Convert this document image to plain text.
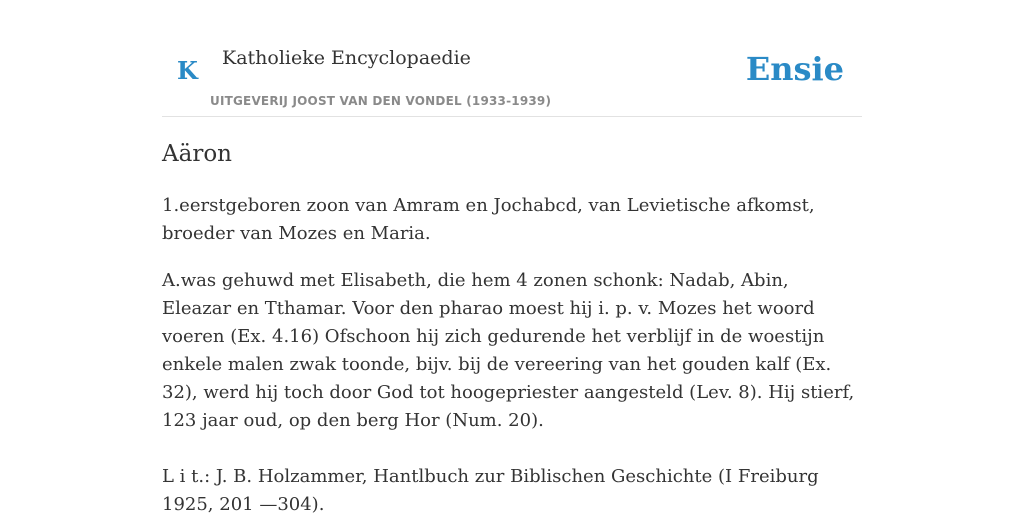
K Katholieke Encyclopaedie
UITGEVERIJ JOOST VAN DEN VONDEL (1933-1939)
Ensie
Aäron

1.eerstgeboren zoon van Amram en Jochabcd, van Levietische afkomst, broeder van Mozes en Maria.

A.was gehuwd met Elisabeth, die hem 4 zonen schonk: Nadab, Abin, Eleazar en Tthamar. Voor den pharao moest hij i. p. v. Mozes het woord voeren (Ex. 4.16) Ofschoon hij zich gedurende het verblijf in de woestijn enkele malen zwak toonde, bijv. bij de vereering van het gouden kalf (Ex. 32), werd hij toch door God tot hoogepriester aangesteld (Lev. 8). Hij stierf, 123 jaar oud, op den berg Hor (Num. 20).

L i t.: J. B. Holzammer, Hantlbuch zur Biblischen Geschichte (I Freiburg 1925, 201 —304).
